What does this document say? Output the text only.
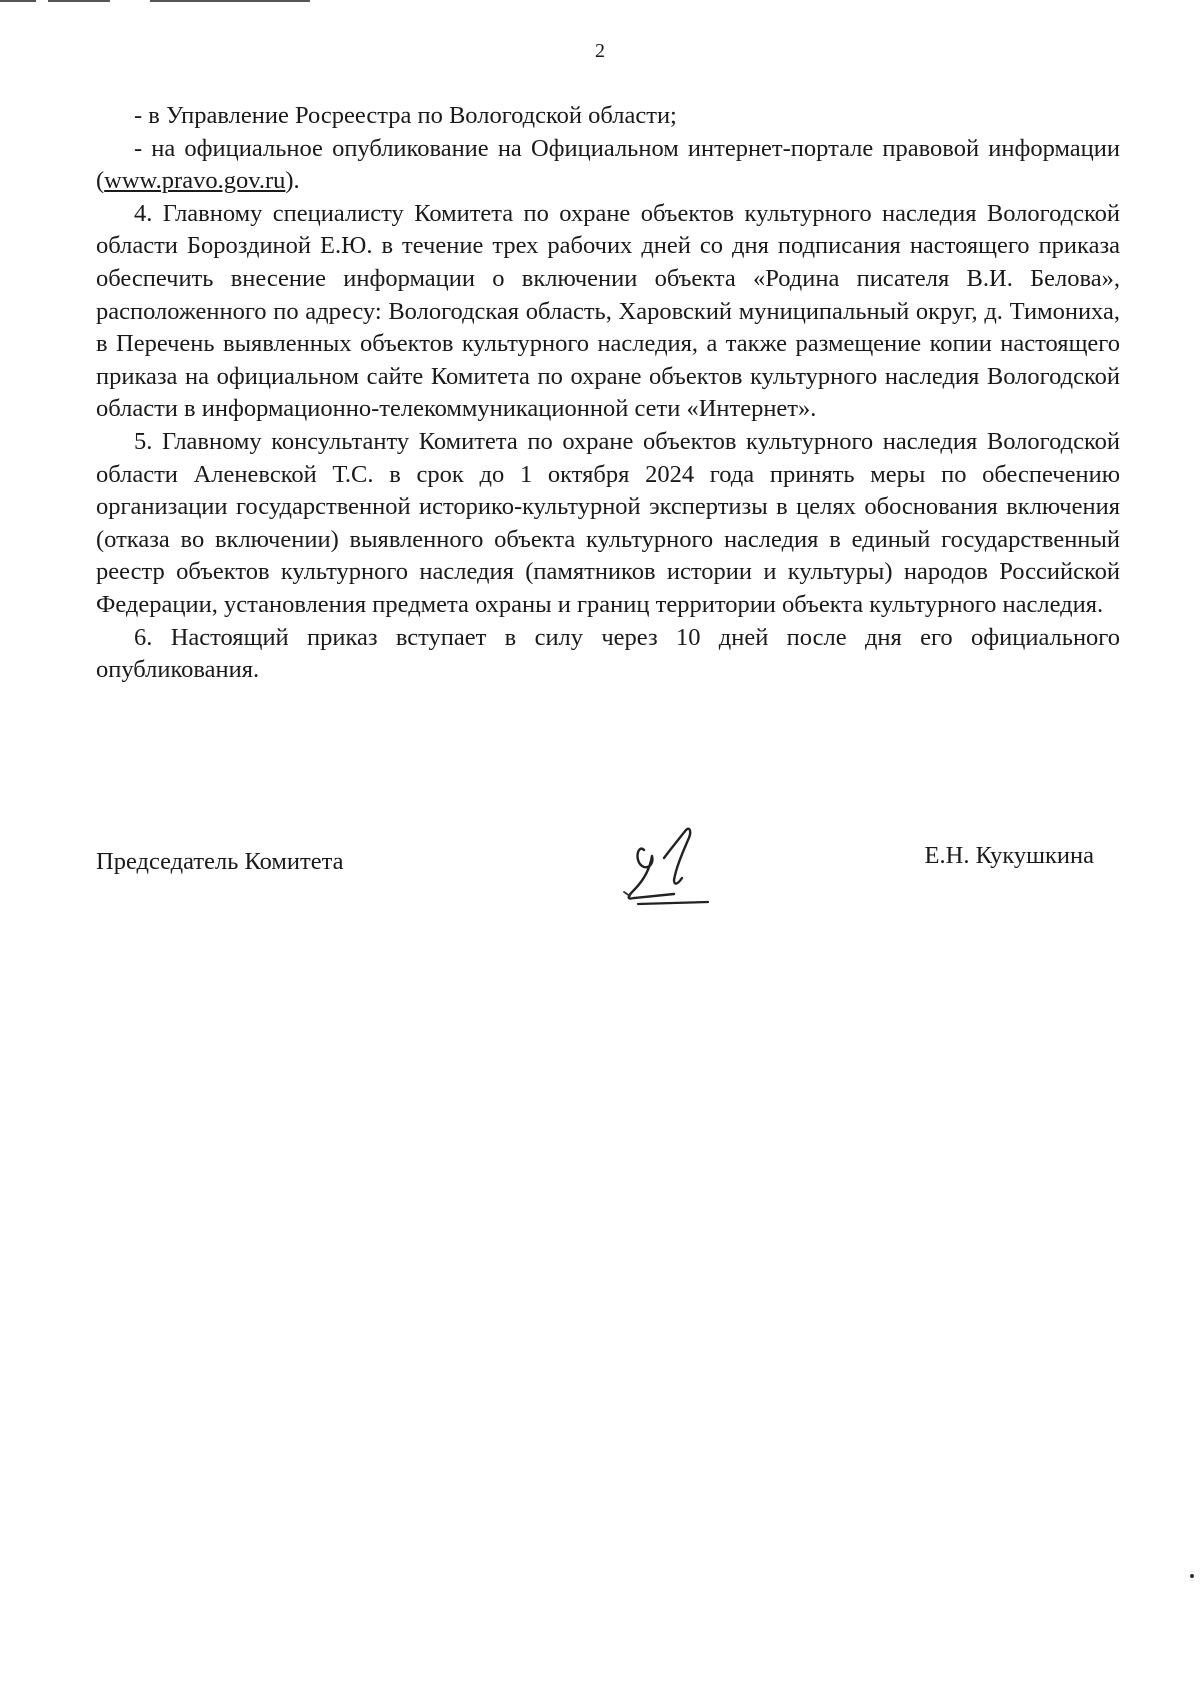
2

- в Управление Росреестра по Вологодской области;

- на официальное опубликование на Официальном интернет-портале правовой информации (www.pravo.gov.ru).

4. Главному специалисту Комитета по охране объектов культурного наследия Вологодской области Бороздиной Е.Ю. в течение трех рабочих дней со дня подписания настоящего приказа обеспечить внесение информации о включении объекта «Родина писателя В.И. Белова», расположенного по адресу: Вологодская область, Харовский муниципальный округ, д. Тимониха, в Перечень выявленных объектов культурного наследия, а также размещение копии настоящего приказа на официальном сайте Комитета по охране объектов культурного наследия Вологодской области в информационно-телекоммуникационной сети «Интернет».

5. Главному консультанту Комитета по охране объектов культурного наследия Вологодской области Аленевской Т.С. в срок до 1 октября 2024 года принять меры по обеспечению организации государственной историко-культурной экспертизы в целях обоснования включения (отказа во включении) выявленного объекта культурного наследия в единый государственный реестр объектов культурного наследия (памятников истории и культуры) народов Российской Федерации, установления предмета охраны и границ территории объекта культурного наследия.

6. Настоящий приказ вступает в силу через 10 дней после дня его официального опубликования.

Председатель Комитета	Е.Н. Кукушкина
